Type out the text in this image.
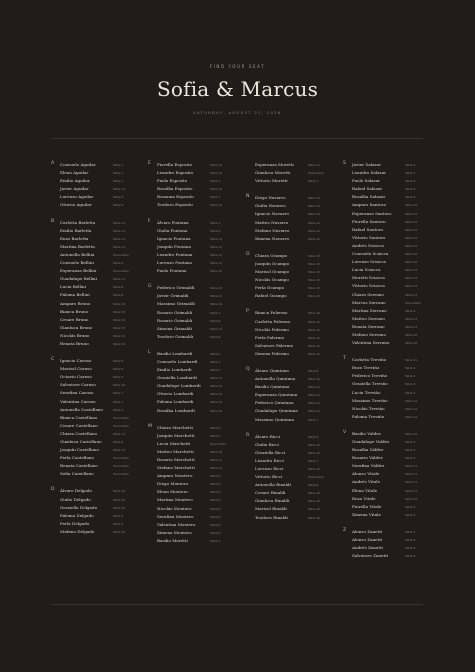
FIND YOUR SEAT
Sofia & Marcus
SATURDAY, AUGUST 22, 2026
A Consuelo Aguilar	Table 7
Elena Aguilar	Table 7
Emilio Aguilar	Table 7
Javier Aguilar	Table 12
Lorenzo Aguilar	Table 3
Ottavio Aguilar	Table 9
B Carlotta Barletta	Table 14
Emilio Barletta	Table 14
Enzo Barletta	Table 14
Martina Barletta	Table 14
Antonella Bellini	Head table
Consuelo Bellini	Table 9
Esperanza Bellini	Head table
Guadalupe Bellini	Table 11
Lucia Bellini	Table 8
Paloma Bellini	Table 8
Amparo Bruno	Table 10
Bianca Bruno	Table 13
Cesare Bruno	Table 10
Gianluca Bruno	Table 13
Nicolás Bruno	Table 11
Renata Bruno	Table 10
C Ignacio Caruso	Table 5
Marisol Caruso	Table 5
Octavio Caruso	Table 3
Salvatore Caruso	Table 16
Serafina Caruso	Table 7
Valentina Caruso	Table 7
Antonella Castellano	Table 2
Bianca Castellano	Head table
Cesare Castellano	Head table
Chiara Castellano	Table 11
Gianluca Castellano	Table 6
Joaquín Castellano	Table 12
Perla Castellano	Head table
Renata Castellano	Head table
Sofia Castellano	Head table
D Álvaro Delgado	Table 10
Giulio Delgado	Table 16
Graziella Delgado	Table 16
Paloma Delgado	Table 6
Perla Delgado	Table 6
Stefano Delgado	Table 16
E Fiorella Esposito	Table 10
Leandro Esposito	Table 10
Paolo Esposito	Table 3
Rosalba Esposito	Table 10
Rosanna Esposito	Table 7
Teodoro Esposito	Table 10
F Álvaro Fontana	Table 1
Giulia Fontana	Table 8
Ignacio Fontana	Table 14
Joaquín Fontana	Table 12
Leandro Fontana	Table 12
Lorenzo Fontana	Table 12
Paolo Fontana	Table 15
G Federico Grimaldi	Table 16
Javier Grimaldi	Table 11
Massimo Grimaldi	Table 16
Rosario Grimaldi	Table 2
Rosario Grimaldi	Table 8
Simona Grimaldi	Table 13
Teodoro Grimaldi	Table 8
L Basilio Lombardi	Table 6
Consuelo Lombardi	Table 9
Emilio Lombardi	Table 5
Graziella Lombardi	Table 11
Guadalupe Lombardi	Table 10
Ottavio Lombardi	Table 10
Paloma Lombardi	Table 10
Rosalba Lombardi	Table 10
M Chiara Marchetti	Table 8
Joaquín Marchetti	Table 6
Lucia Marchetti	Head table
Matteo Marchetti	Table 16
Rosario Marchetti	Table 11
Stefano Marchetti	Table 14
Amparo Montero	Table 8
Diego Montero	Table 8
Elena Montero	Table 8
Martina Montero	Table 8
Nicolás Montero	Table 8
Serafina Montero	Table 8
Valentina Montero	Table 8
Ximena Montero	Table 8
Basilio Moretti	Table 3
Esperanza Moretti	Table 11
Gianluca Moretti	Head table
Vittorio Moretti	Table 4
N Diego Navarro	Table 12
Giulia Navarro	Table 12
Ignacio Navarro	Table 14
Matteo Navarro	Table 12
Stefano Navarro	Table 12
Ximena Navarro	Table 15
O Chiara Ocampo	Table 15
Joaquín Ocampo	Table 15
Marisol Ocampo	Table 15
Nicolás Ocampo	Table 15
Perla Ocampo	Table 15
Rafael Ocampo	Table 15
P Bianca Palermo	Table 16
Carlotta Palermo	Table 16
Nicolás Palermo	Table 16
Perla Palermo	Table 16
Salvatore Palermo	Table 16
Simona Palermo	Table 16
Q Álvaro Quintana	Table 8
Antonella Quintana	Table 16
Basilio Quintana	Table 11
Esperanza Quintana	Table 11
Federico Quintana	Table 11
Guadalupe Quintana	Table 11
Massimo Quintana	Table 7
R Álvaro Ricci	Table 9
Giulia Ricci	Table 10
Graziella Ricci	Table 10
Leandro Ricci	Table 7
Lorenzo Ricci	Table 10
Vittorio Ricci	Head table
Antonella Rinaldi	Table 8
Cesare Rinaldi	Table 16
Gianluca Rinaldi	Table 16
Marisol Rinaldi	Table 16
Teodoro Rinaldi	Table 16
S Javier Salazar	Table 6
Leandro Salazar	Table 3
Paolo Salazar	Table 8
Rafael Salazar	Table 8
Rosalba Salazar	Table 8
Amparo Santoro	Table 15
Esperanza Santoro	Table 15
Fiorella Santoro	Table 15
Rafael Santoro	Table 15
Vittorio Santoro	Table 15
Andrés Sciacca	Table 15
Consuelo Sciacca	Table 16
Lorenzo Sciacca	Table 16
Lucia Sciacca	Table 13
Moretti Sciacca	Table 13
Vittorio Sciacca	Table 13
Chiara Serrano	Table 13
Marcus Serrano	Head table
Martina Serrano	Table 9
Matteo Serrano	Table 13
Renata Serrano	Table 13
Stefano Serrano	Table 16
Valentina Serrano	Table 16
T Carlotta Treviño	Table 11
Enzo Treviño	Table 9
Federico Treviño	Table 9
Graziella Treviño	Table 8
Lucia Treviño	Table 4
Massimo Treviño	Table 12
Nicolás Treviño	Table 12
Paloma Treviño	Table 12
V Basilio Valdez	Table 10
Guadalupe Valdez	Table 9
Rosalba Valdez	Table 9
Rosario Valdez	Table 9
Serafina Valdez	Table 13
Alonso Vitale	Table 13
Andrés Vitale	Table 13
Elena Vitale	Table 13
Enzo Vitale	Table 10
Fiorella Vitale	Table 9
Ximena Vitale	Table 9
Z Alonso Zanetti	Table 5
Alonso Zanetti	Table 8
Andrés Zanetti	Table 8
Salvatore Zanetti	Table 8
